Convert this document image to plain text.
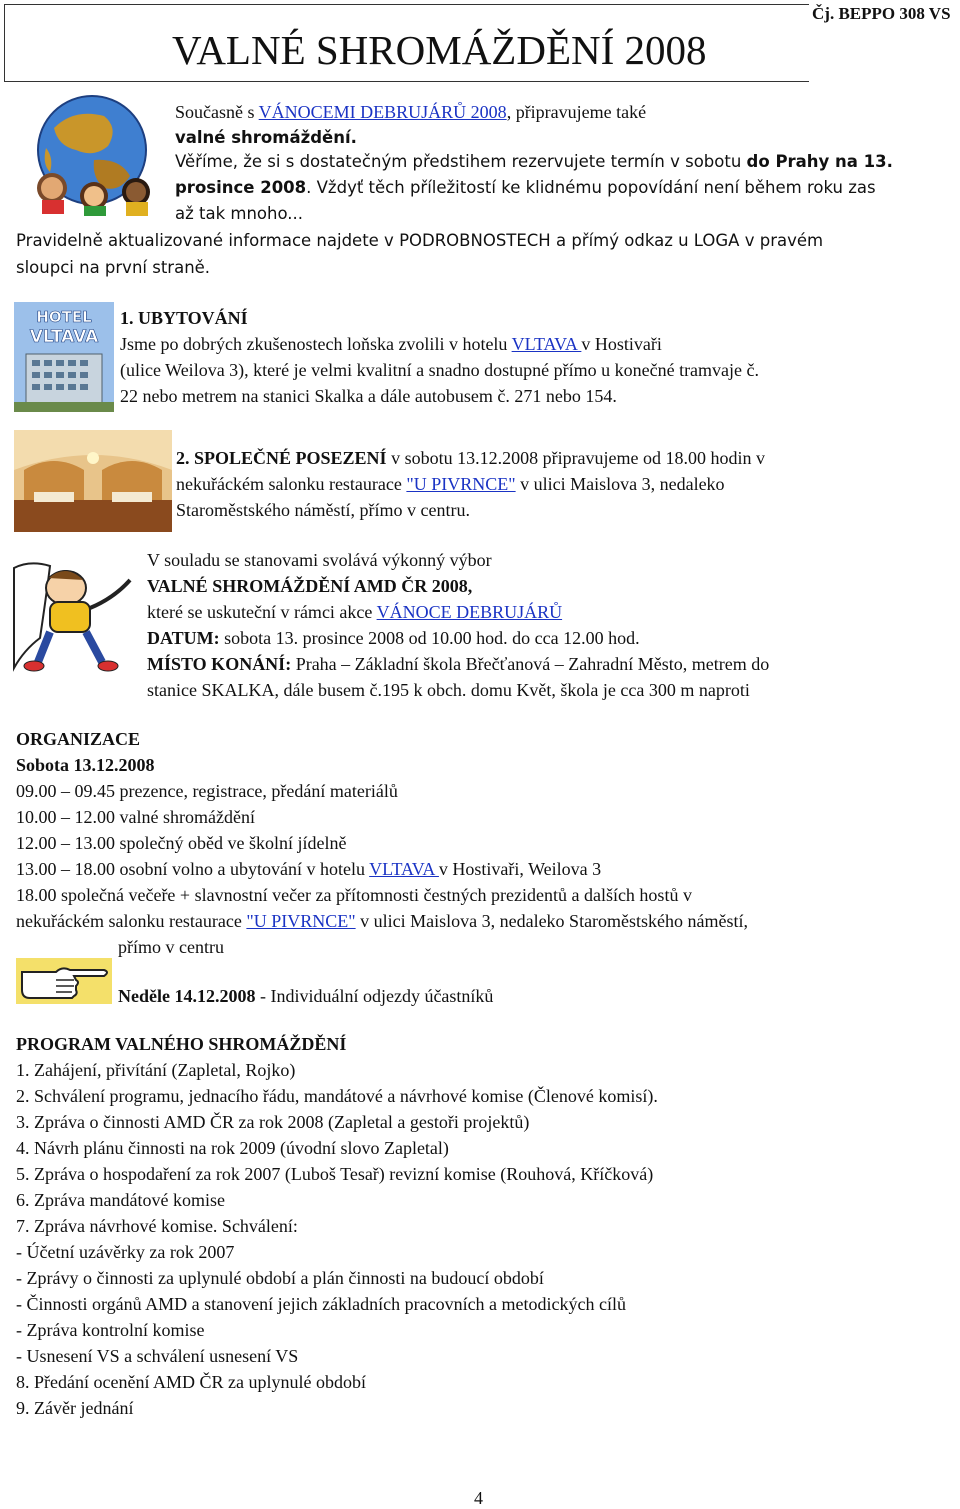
VALNÉ SHROMÁŽDĚNÍ 2008
Čj. BEPPO 308 VS
Současně s VÁNOCEMI DEBRUJÁRŮ 2008, připravujeme také
valné shromáždění.
Věříme, že si s dostatečným předstihem rezervujete termín v sobotu do Prahy na 13.
prosince 2008. Vždyť těch příležitostí ke klidnému popovídání není během roku zas
až tak mnoho...
Pravidelně aktualizované informace najdete v PODROBNOSTECH a přímý odkaz u LOGA v pravém
sloupci na první straně.
HOTEL
VLTAVA
1. UBYTOVÁNÍ
Jsme po dobrých zkušenostech loňska zvolili v hotelu VLTAVA v Hostivaři
(ulice Weilova 3), které je velmi kvalitní a snadno dostupné přímo u konečné tramvaje č.
22 nebo metrem na stanici Skalka a dále autobusem č. 271 nebo 154.
2. SPOLEČNÉ POSEZENÍ v sobotu 13.12.2008 připravujeme od 18.00 hodin v
nekuřáckém salonku restaurace "U PIVRNCE" v ulici Maislova 3, nedaleko
Staroměstského náměstí, přímo v centru.
V souladu se stanovami svolává výkonný výbor
VALNÉ SHROMÁŽDĚNÍ AMD ČR 2008,
které se uskuteční v rámci akce VÁNOCE DEBRUJÁRŮ
DATUM: sobota 13. prosince 2008 od 10.00 hod. do cca 12.00 hod.
MÍSTO KONÁNÍ: Praha – Základní škola Břečťanová – Zahradní Město, metrem do
stanice SKALKA, dále busem č.195 k obch. domu Květ, škola je cca 300 m naproti
ORGANIZACE
Sobota 13.12.2008
09.00 – 09.45 prezence, registrace, předání materiálů
10.00 – 12.00 valné shromáždění
12.00 – 13.00 společný oběd ve školní jídelně
13.00 – 18.00 osobní volno a ubytování v hotelu VLTAVA v Hostivaři, Weilova 3
18.00 společná večeře + slavnostní večer za přítomnosti čestných prezidentů a dalších hostů v
nekuřáckém salonku restaurace "U PIVRNCE" v ulici Maislova 3, nedaleko Staroměstského náměstí,
přímo v centru
Neděle 14.12.2008 - Individuální odjezdy účastníků
PROGRAM VALNÉHO SHROMÁŽDĚNÍ
1. Zahájení, přivítání (Zapletal, Rojko)
2. Schválení programu, jednacího řádu, mandátové a návrhové komise (Členové komisí).
3. Zpráva o činnosti AMD ČR za rok 2008 (Zapletal a gestoři projektů)
4. Návrh plánu činnosti na rok 2009 (úvodní slovo Zapletal)
5. Zpráva o hospodaření za rok 2007 (Luboš Tesař) revizní komise (Rouhová, Kříčková)
6. Zpráva mandátové komise
7. Zpráva návrhové komise. Schválení:
- Účetní uzávěrky za rok 2007
- Zprávy o činnosti za uplynulé období a plán činnosti na budoucí období
- Činnosti orgánů AMD a stanovení jejich základních pracovních a metodických cílů
- Zpráva kontrolní komise
- Usnesení VS a schválení usnesení VS
8. Předání ocenění AMD ČR za uplynulé období
9. Závěr jednání
4
